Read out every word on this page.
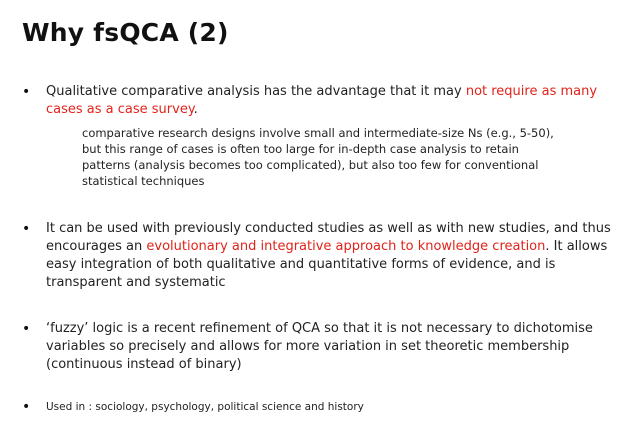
Why fsQCA (2)
• Qualitative comparative analysis has the advantage that it may not require as many cases as a case survey.
comparative research designs involve small and intermediate-size Ns (e.g., 5-50), but this range of cases is often too large for in-depth case analysis to retain patterns (analysis becomes too complicated), but also too few for conventional statistical techniques
• It can be used with previously conducted studies as well as with new studies, and thus encourages an evolutionary and integrative approach to knowledge creation. It allows easy integration of both qualitative and quantitative forms of evidence, and is transparent and systematic
• ‘fuzzy’ logic is a recent refinement of QCA so that it is not necessary to dichotomise variables so precisely and allows for more variation in set theoretic membership (continuous instead of binary)
• Used in : sociology, psychology, political science and history
